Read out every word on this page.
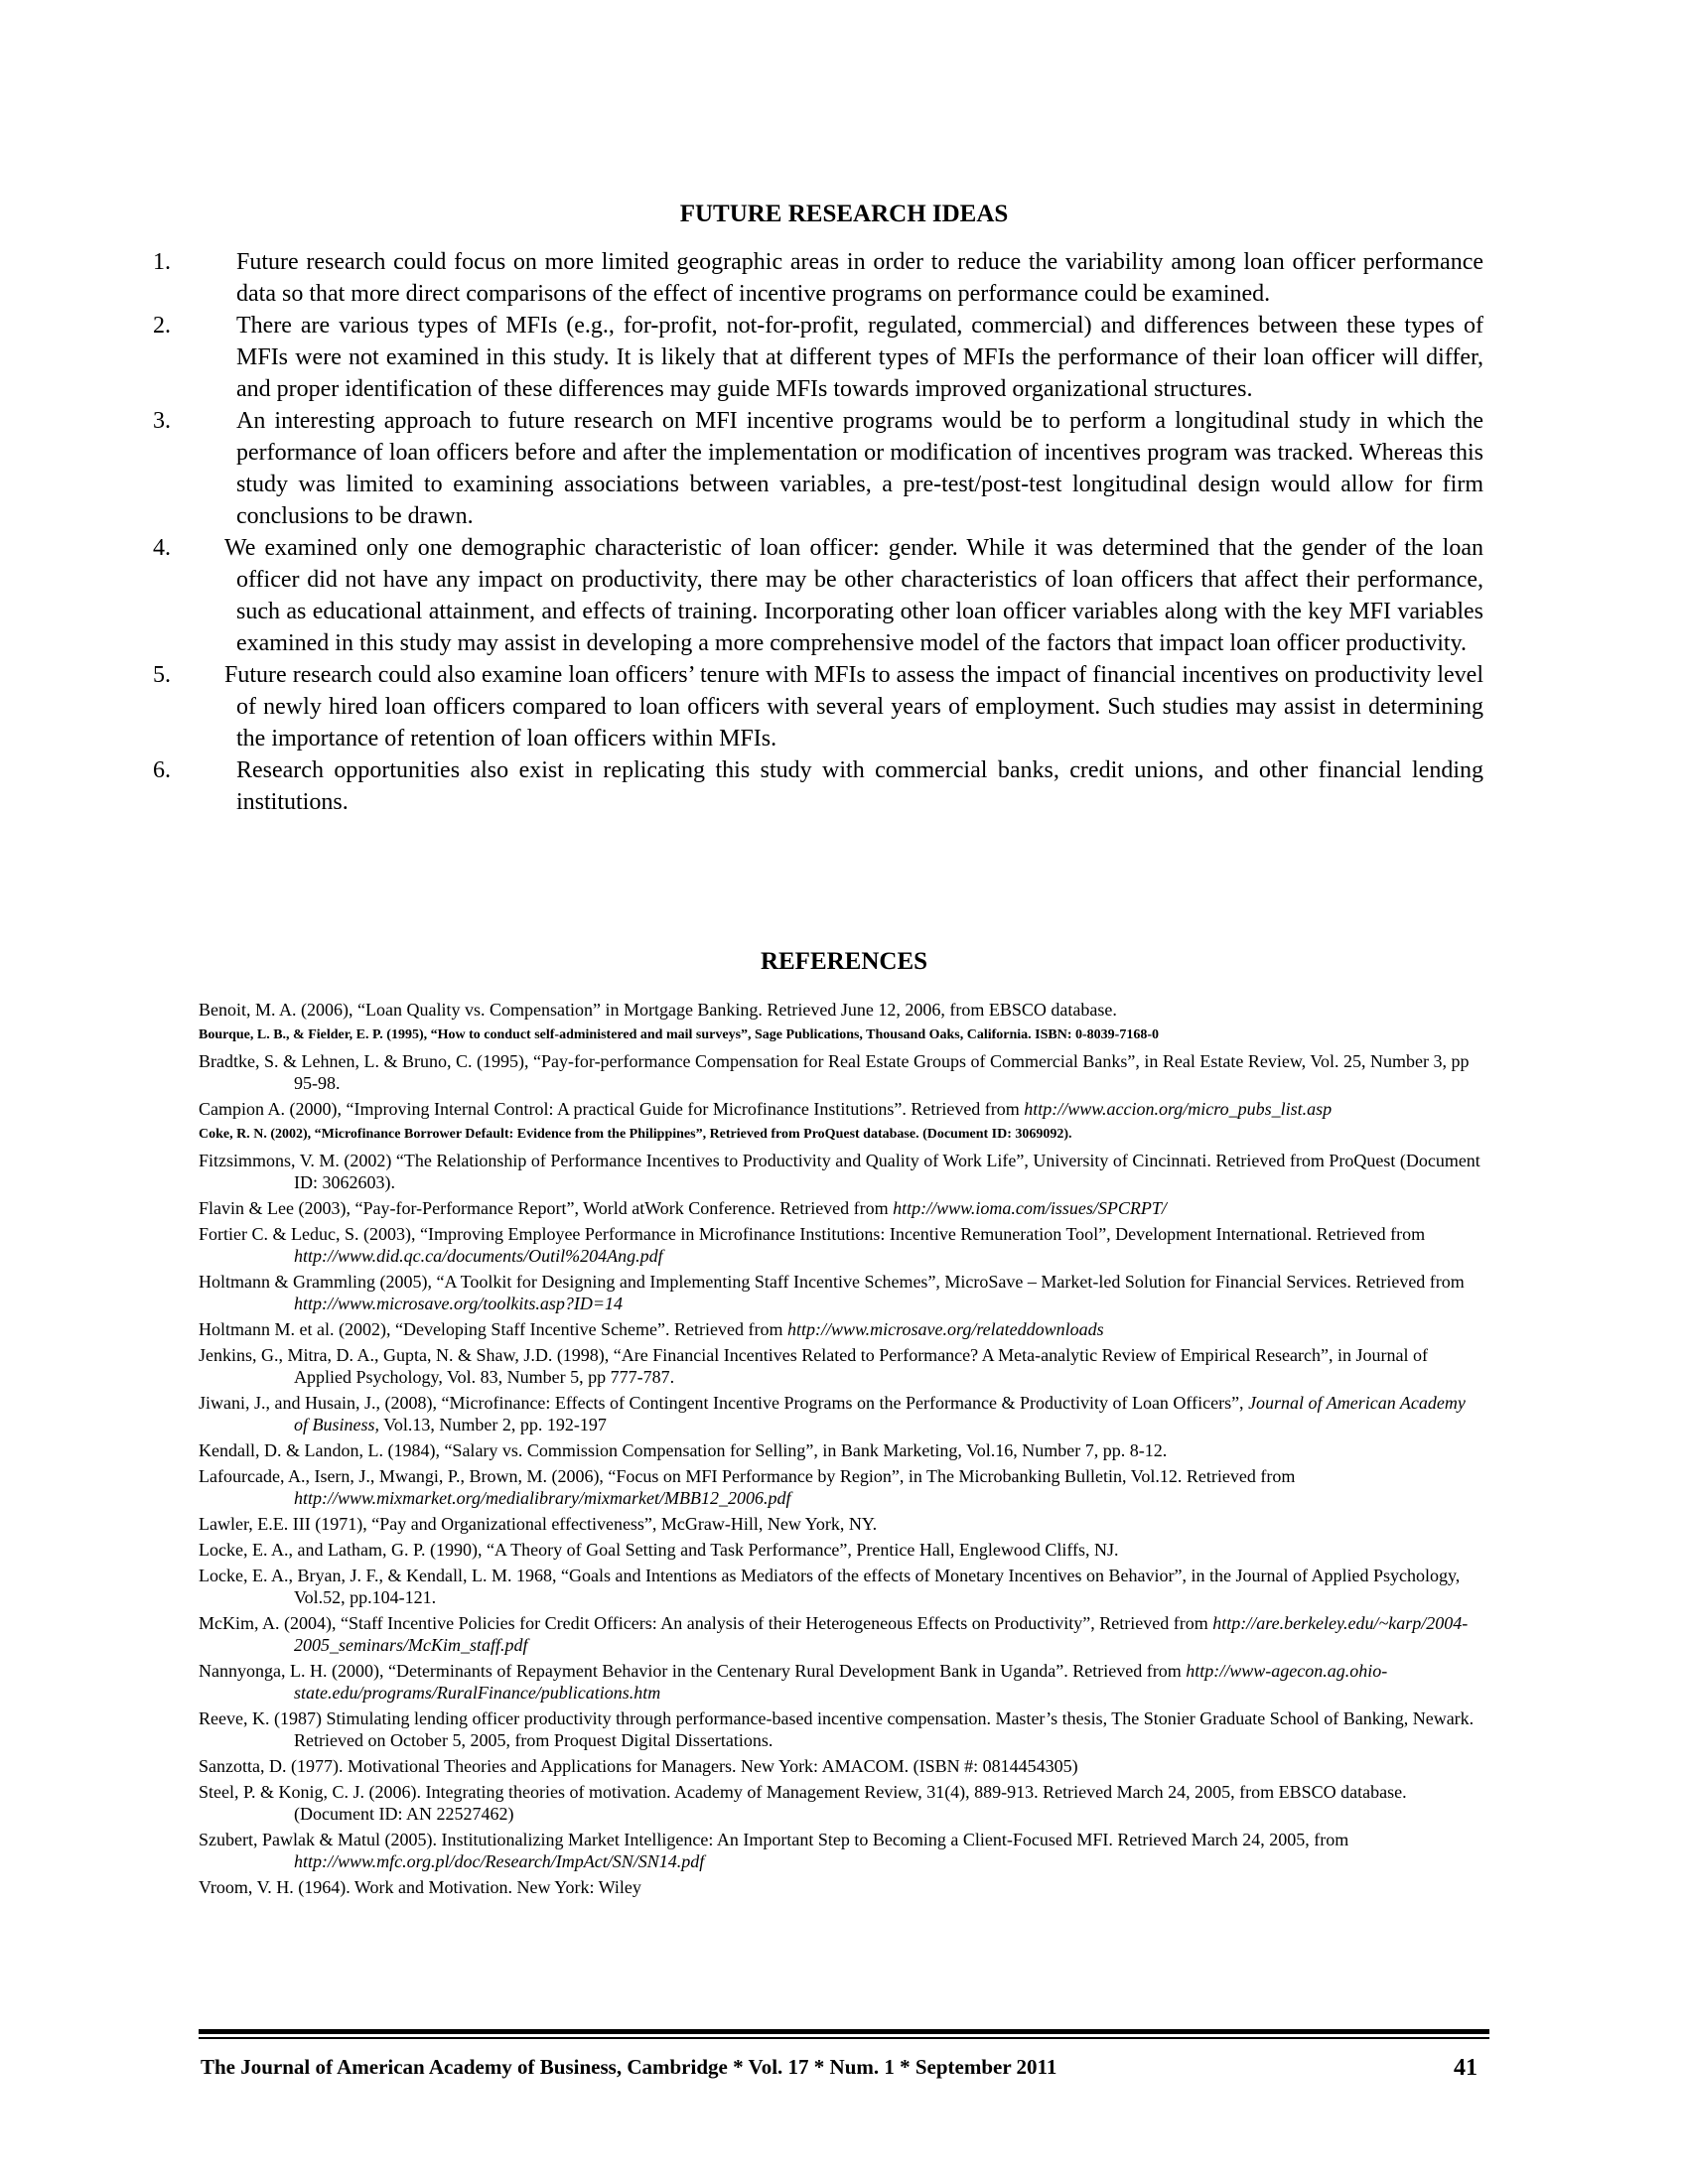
FUTURE RESEARCH IDEAS
1.	Future research could focus on more limited geographic areas in order to reduce the variability among loan officer performance data so that more direct comparisons of the effect of incentive programs on performance could be examined.
2.	There are various types of MFIs (e.g., for-profit, not-for-profit, regulated, commercial) and differences between these types of MFIs were not examined in this study. It is likely that at different types of MFIs the performance of their loan officer will differ, and proper identification of these differences may guide MFIs towards improved organizational structures.
3.	An interesting approach to future research on MFI incentive programs would be to perform a longitudinal study in which the performance of loan officers before and after the implementation or modification of incentives program was tracked. Whereas this study was limited to examining associations between variables, a pre-test/post-test longitudinal design would allow for firm conclusions to be drawn.
4. We examined only one demographic characteristic of loan officer: gender. While it was determined that the gender of the loan officer did not have any impact on productivity, there may be other characteristics of loan officers that affect their performance, such as educational attainment, and effects of training. Incorporating other loan officer variables along with the key MFI variables examined in this study may assist in developing a more comprehensive model of the factors that impact loan officer productivity.
5. Future research could also examine loan officers’ tenure with MFIs to assess the impact of financial incentives on productivity level of newly hired loan officers compared to loan officers with several years of employment. Such studies may assist in determining the importance of retention of loan officers within MFIs.
6.	Research opportunities also exist in replicating this study with commercial banks, credit unions, and other financial lending institutions.
REFERENCES
Benoit, M. A. (2006), “Loan Quality vs. Compensation” in Mortgage Banking. Retrieved June 12, 2006, from EBSCO database.
Bourque, L. B., & Fielder, E. P. (1995), “How to conduct self-administered and mail surveys”, Sage Publications, Thousand Oaks, California. ISBN: 0-8039-7168-0
Bradtke, S. & Lehnen, L. & Bruno, C. (1995), “Pay-for-performance Compensation for Real Estate Groups of Commercial Banks”, in Real Estate Review, Vol. 25, Number 3, pp 95-98.
Campion A. (2000), “Improving Internal Control: A practical Guide for Microfinance Institutions”. Retrieved from http://www.accion.org/micro_pubs_list.asp
Coke, R. N. (2002), “Microfinance Borrower Default: Evidence from the Philippines”, Retrieved from ProQuest database. (Document ID: 3069092).
Fitzsimmons, V. M. (2002) “The Relationship of Performance Incentives to Productivity and Quality of Work Life”, University of Cincinnati. Retrieved from ProQuest (Document ID: 3062603).
Flavin & Lee (2003), “Pay-for-Performance Report”, World atWork Conference. Retrieved from http://www.ioma.com/issues/SPCRPT/
Fortier C. & Leduc, S. (2003), “Improving Employee Performance in Microfinance Institutions: Incentive Remuneration Tool”, Development International. Retrieved from http://www.did.qc.ca/documents/Outil%204Ang.pdf
Holtmann & Grammling (2005), “A Toolkit for Designing and Implementing Staff Incentive Schemes”, MicroSave – Market-led Solution for Financial Services. Retrieved from http://www.microsave.org/toolkits.asp?ID=14
Holtmann M. et al. (2002), “Developing Staff Incentive Scheme”. Retrieved from http://www.microsave.org/relateddownloads
Jenkins, G., Mitra, D. A., Gupta, N. & Shaw, J.D. (1998), “Are Financial Incentives Related to Performance? A Meta-analytic Review of Empirical Research”, in Journal of Applied Psychology, Vol. 83, Number 5, pp 777-787.
Jiwani, J., and Husain, J., (2008), “Microfinance: Effects of Contingent Incentive Programs on the Performance & Productivity of Loan Officers”, Journal of American Academy of Business, Vol.13, Number 2, pp. 192-197
Kendall, D. & Landon, L. (1984), “Salary vs. Commission Compensation for Selling”, in Bank Marketing, Vol.16, Number 7, pp. 8-12.
Lafourcade, A., Isern, J., Mwangi, P., Brown, M. (2006), “Focus on MFI Performance by Region”, in The Microbanking Bulletin, Vol.12. Retrieved from http://www.mixmarket.org/medialibrary/mixmarket/MBB12_2006.pdf
Lawler, E.E. III (1971), “Pay and Organizational effectiveness”, McGraw-Hill, New York, NY.
Locke, E. A., and Latham, G. P. (1990), “A Theory of Goal Setting and Task Performance”, Prentice Hall, Englewood Cliffs, NJ.
Locke, E. A., Bryan, J. F., & Kendall, L. M. 1968, “Goals and Intentions as Mediators of the effects of Monetary Incentives on Behavior”, in the Journal of Applied Psychology, Vol.52, pp.104-121.
McKim, A. (2004), “Staff Incentive Policies for Credit Officers: An analysis of their Heterogeneous Effects on Productivity”, Retrieved from http://are.berkeley.edu/~karp/2004-2005_seminars/McKim_staff.pdf
Nannyonga, L. H. (2000), “Determinants of Repayment Behavior in the Centenary Rural Development Bank in Uganda”. Retrieved from http://www-agecon.ag.ohio-state.edu/programs/RuralFinance/publications.htm
Reeve, K. (1987) Stimulating lending officer productivity through performance-based incentive compensation. Master’s thesis, The Stonier Graduate School of Banking, Newark. Retrieved on October 5, 2005, from Proquest Digital Dissertations.
Sanzotta, D. (1977). Motivational Theories and Applications for Managers. New York: AMACOM. (ISBN #: 0814454305)
Steel, P. & Konig, C. J. (2006). Integrating theories of motivation. Academy of Management Review, 31(4), 889-913. Retrieved March 24, 2005, from EBSCO database. (Document ID: AN 22527462)
Szubert, Pawlak & Matul (2005). Institutionalizing Market Intelligence: An Important Step to Becoming a Client-Focused MFI. Retrieved March 24, 2005, from http://www.mfc.org.pl/doc/Research/ImpAct/SN/SN14.pdf
Vroom, V. H. (1964). Work and Motivation. New York: Wiley
The Journal of American Academy of Business, Cambridge * Vol. 17 * Num. 1 * September 2011	41
